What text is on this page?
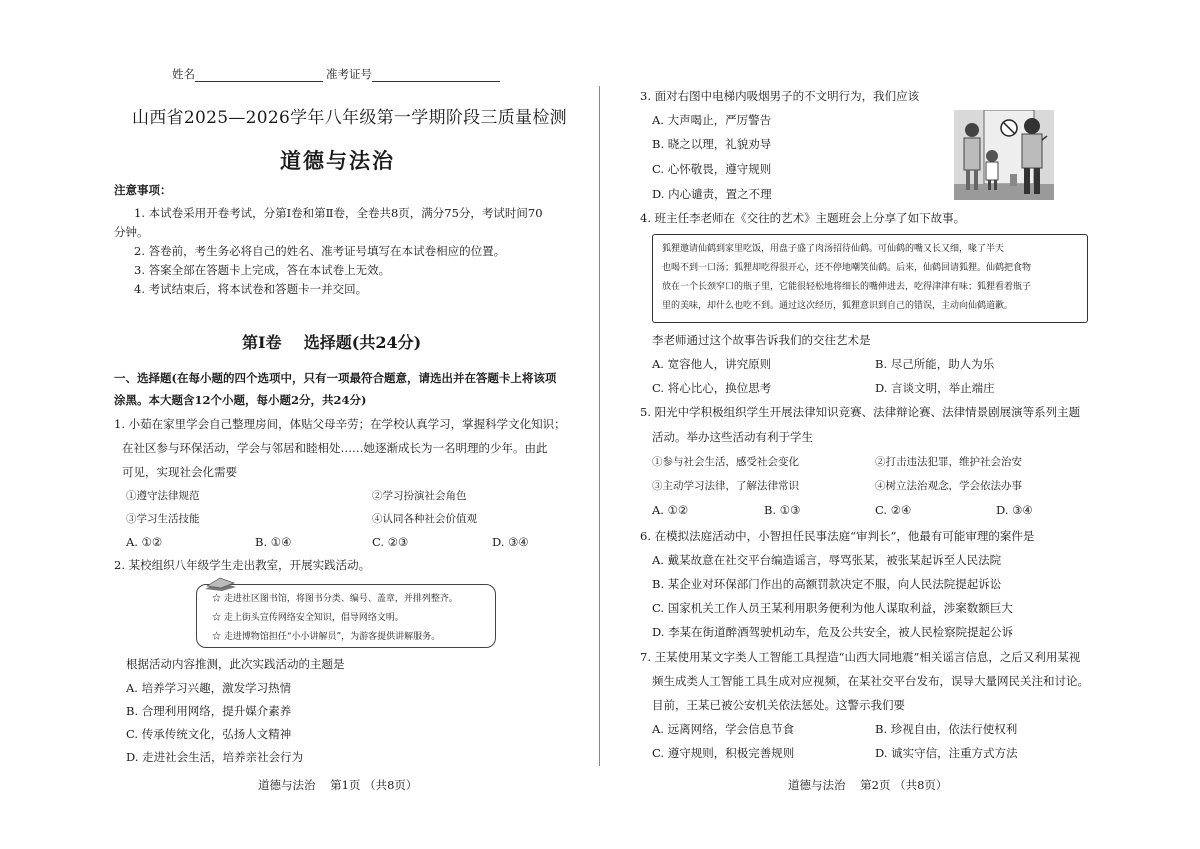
姓名	准考证号
山西省2025—2026学年八年级第一学期阶段三质量检测
道德与法治
注意事项：
1. 本试卷采用开卷考试，分第Ⅰ卷和第Ⅱ卷，全卷共8页，满分75分，考试时间70
分钟。
2. 答卷前，考生务必将自己的姓名、准考证号填写在本试卷相应的位置。
3. 答案全部在答题卡上完成，答在本试卷上无效。
4. 考试结束后，将本试卷和答题卡一并交回。
第Ⅰ卷    选择题(共24分)
一、选择题(在每小题的四个选项中，只有一项最符合题意，请选出并在答题卡上将该项
涂黑。本大题含12个小题，每小题2分，共24分)
1. 小茹在家里学会自己整理房间，体贴父母辛劳；在学校认真学习，掌握科学文化知识；
在社区参与环保活动，学会与邻居和睦相处……她逐渐成长为一名明理的少年。由此
可见，实现社会化需要
①遵守法律规范	②学习扮演社会角色
③学习生活技能	④认同各种社会价值观
A. ①②	B. ①④	C. ②③	D. ③④
2. 某校组织八年级学生走出教室，开展实践活动。
☆ 走进社区图书馆，将图书分类、编号、盖章，并排列整齐。
☆ 走上街头宣传网络安全知识，倡导网络文明。
☆ 走进博物馆担任“小小讲解员”，为游客提供讲解服务。
根据活动内容推测，此次实践活动的主题是
A. 培养学习兴趣，激发学习热情
B. 合理利用网络，提升媒介素养
C. 传承传统文化，弘扬人文精神
D. 走进社会生活，培养亲社会行为
道德与法治    第1页 （共8页）
3. 面对右图中电梯内吸烟男子的不文明行为，我们应该
A. 大声喝止，严厉警告
B. 晓之以理，礼貌劝导
C. 心怀敬畏，遵守规则
D. 内心谴责，置之不理
4. 班主任李老师在《交往的艺术》主题班会上分享了如下故事。
狐狸邀请仙鹤到家里吃饭，用盘子盛了肉汤招待仙鹤。可仙鹤的嘴又长又细，喙了半天
也喝不到一口汤；狐狸却吃得很开心，还不停地嘲笑仙鹤。后来，仙鹤回请狐狸。仙鹤把食物
放在一个长颈窄口的瓶子里，它能很轻松地将细长的嘴伸进去，吃得津津有味；狐狸看着瓶子
里的美味，却什么也吃不到。通过这次经历，狐狸意识到自己的错误，主动向仙鹤道歉。
李老师通过这个故事告诉我们的交往艺术是
A. 宽容他人，讲究原则	B. 尽己所能，助人为乐
C. 将心比心，换位思考	D. 言谈文明，举止端庄
5. 阳光中学积极组织学生开展法律知识竞赛、法律辩论赛、法律情景剧展演等系列主题
活动。举办这些活动有利于学生
①参与社会生活，感受社会变化	②打击违法犯罪，维护社会治安
③主动学习法律，了解法律常识	④树立法治观念，学会依法办事
A. ①②	B. ①③	C. ②④	D. ③④
6. 在模拟法庭活动中，小智担任民事法庭“审判长”，他最有可能审理的案件是
A. 戴某故意在社交平台编造谣言，辱骂张某，被张某起诉至人民法院
B. 某企业对环保部门作出的高额罚款决定不服，向人民法院提起诉讼
C. 国家机关工作人员王某利用职务便利为他人谋取利益，涉案数额巨大
D. 李某在街道醉酒驾驶机动车，危及公共安全，被人民检察院提起公诉
7. 王某使用某文字类人工智能工具捏造“山西大同地震”相关谣言信息，之后又利用某视
频生成类人工智能工具生成对应视频，在某社交平台发布，误导大量网民关注和讨论。
目前，王某已被公安机关依法惩处。这警示我们要
A. 远离网络，学会信息节食	B. 珍视自由，依法行使权利
C. 遵守规则，积极完善规则	D. 诚实守信，注重方式方法
道德与法治    第2页 （共8页）
